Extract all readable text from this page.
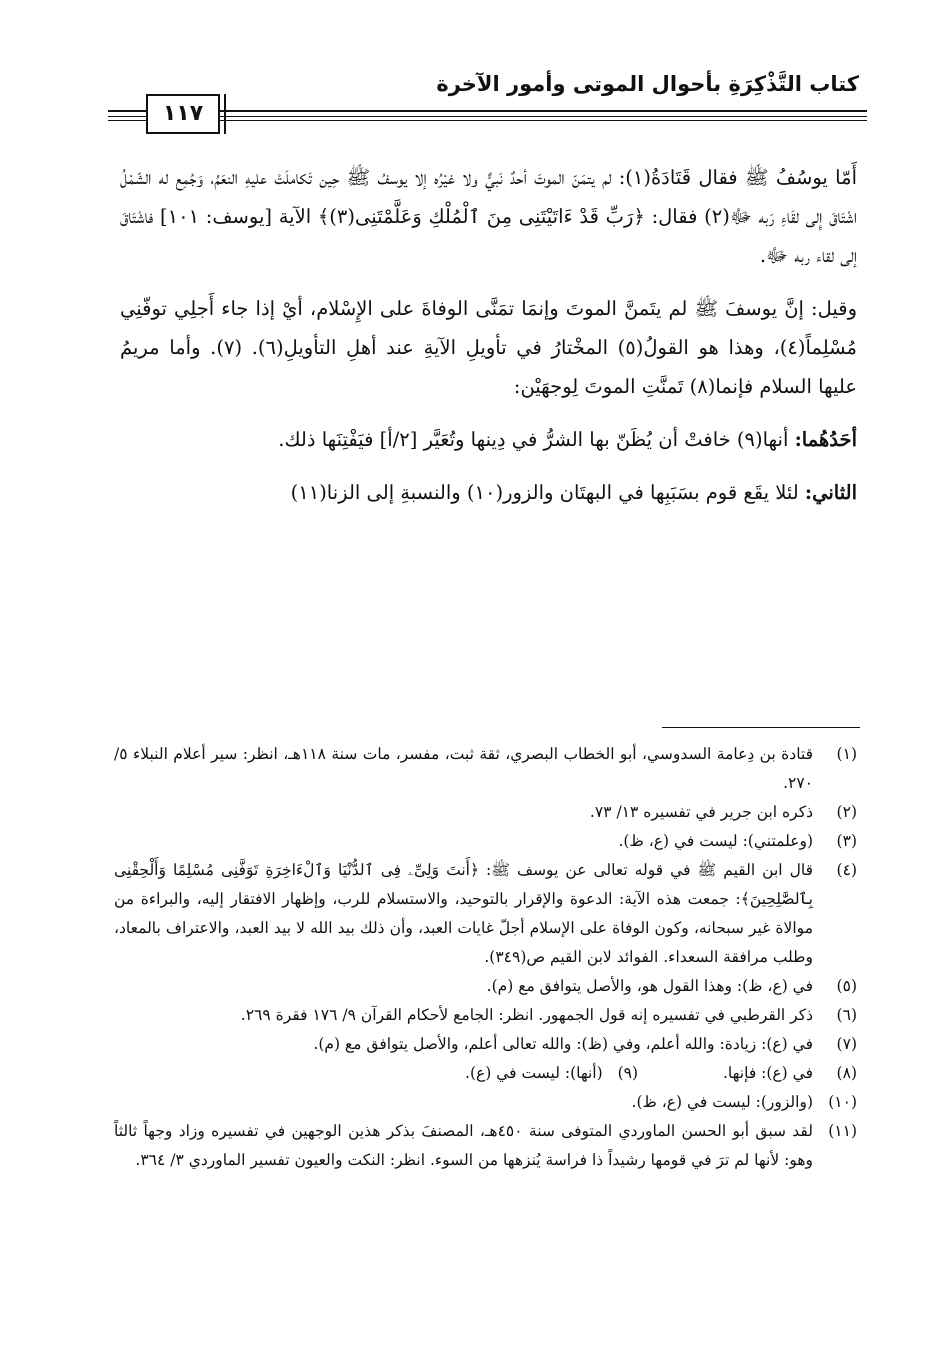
كتاب التَّذْكِرَةِ بأحوال الموتى وأمور الآخرة
١١٧

أَمّا يوسُفُ ﷺ فقال قَتَادَةُ(١): لم يتمَنّ الموتَ أحدٌ نَبيٌّ ولا غيْرُه إلا يوسفُ ﷺ حِين تَكاملَتْ عليهِ النعَمُ، وَجُمِع له الشّمْلُ اشْتَاقَ إِلى لقَاءِ رَبه ﷻ(٢) فقال: ﴿رَبِّ قَدْ ءَاتَيْتَنِى مِنَ ٱلْمُلْكِ وَعَلَّمْتَنِى(٣)﴾ الآية [يوسف: ١٠١] فاشْتَاقَ إلى لقاء ربه ﷻ.

وقيل: إنَّ يوسفَ ﷺ لم يتَمنَّ الموتَ وإنمَا تمَنَّى الوفاةَ على الإِسْلام، أيْ إذا جاء أَجلِي توفّنِي مُسْلِماً(٤)، وهذا هو القولُ(٥) المخْتارُ في تأويلِ الآيةِ عند أهلِ التأويلِ(٦). (٧). وأما مريمُ عليها السلام فإنما(٨) تَمنَّتِ الموتَ لِوجهَيْن:

أحَدُهُما: أنها(٩) خافتْ أن يُظَنّ بها الشرُّ في دِينها وتُعَيَّر [٢/أ] فيَفْتِنَها ذلك.

الثاني: لئلا يقَع قوم بسَبَبِها في البهتَان والزور(١٠) والنسبةِ إلى الزنا(١١)

(١)
قتادة بن دِعامة السدوسي، أبو الخطاب البصري، ثقة ثبت، مفسر، مات سنة ١١٨هـ، انظر: سير أعلام النبلاء ٥/ ٢٧٠.
(٢)
ذكره ابن جرير في تفسيره ١٣/ ٧٣.
(٣)
(وعلمتني): ليست في (ع، ظ).
(٤)
قال ابن القيم ﷺ في قوله تعالى عن يوسف ﷺ: ﴿أَنتَ وَلِىِّۦ فِى ٱلدُّنْيَا وَٱلْءَاخِرَةِ تَوَفَّنِى مُسْلِمًا وَأَلْحِقْنِى بِٱلصَّٰلِحِينَ﴾: جمعت هذه الآية: الدعوة والإقرار بالتوحيد، والاستسلام للرب، وإظهار الافتقار إليه، والبراءة من موالاة غير سبحانه، وكون الوفاة على الإسلام أجلّ غايات العبد، وأن ذلك بيد الله لا بيد العبد، والاعتراف بالمعاد، وطلب مرافقة السعداء. الفوائد لابن القيم ص(٣٤٩).
(٥)
في (ع، ظ): وهذا القول هو، والأصل يتوافق مع (م).
(٦)
ذكر القرطبي في تفسيره إنه قول الجمهور. انظر: الجامع لأحكام القرآن ٩/ ١٧٦ فقرة ٢٦٩.
(٧)
في (ع): زيادة: والله أعلم، وفي (ظ): والله تعالى أعلم، والأصل يتوافق مع (م).
(٨)
في (ع): فإنها. (٩) (أنها): ليست في (ع).
(١٠)
(والزور): ليست في (ع، ظ).
(١١)
لقد سبق أبو الحسن الماوردي المتوفى سنة ٤٥٠هـ، المصنفَ بذكر هذين الوجهين في تفسيره وزاد وجهاً ثالثاً وهو: لأنها لم ترَ في قومها رشيداً ذا فراسة يُنزهها من السوء. انظر: النكت والعيون تفسير الماوردي ٣/ ٣٦٤.
